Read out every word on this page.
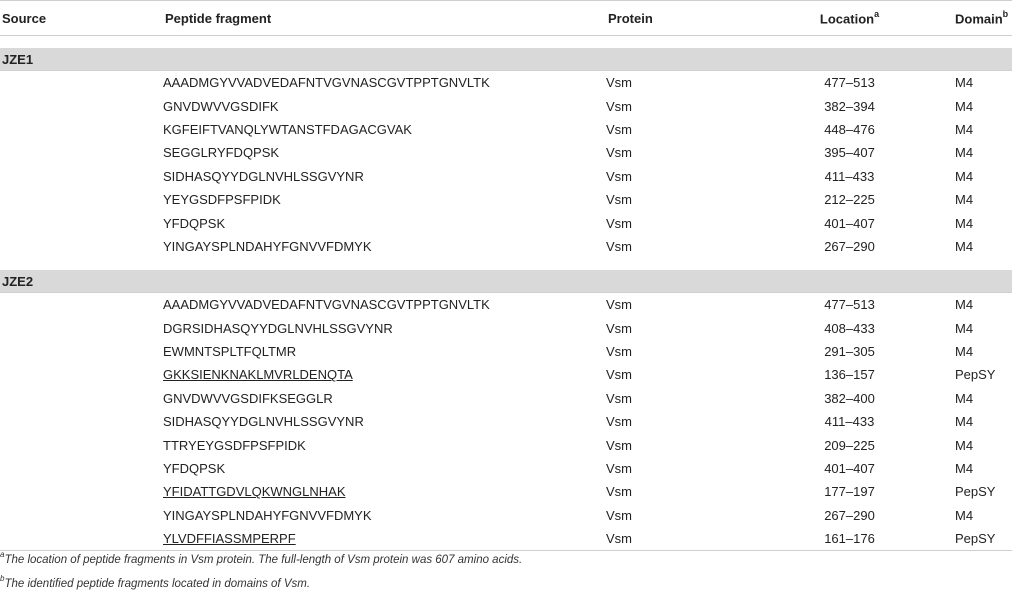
Source	Peptide fragment	Protein	Location$^a$	Domain$^b$

JZE1				
	AAADMGYVVADVEDAFNTVGVNASCGVTPPTGNVLTK	Vsm	477–513	M4
	GNVDWVVGSDIFK	Vsm	382–394	M4
	KGFEIFTVANQLYWTANSTFDAGACGVAK	Vsm	448–476	M4
	SEGGLRYFDQPSK	Vsm	395–407	M4
	SIDHASQYYDGLNVHLSSGVYNR	Vsm	411–433	M4
	YEYGSDFPSFPIDK	Vsm	212–225	M4
	YFDQPSK	Vsm	401–407	M4
	YINGAYSPLNDAHYFGNVVFDMYK	Vsm	267–290	M4

JZE2				
	AAADMGYVVADVEDAFNTVGVNASCGVTPPTGNVLTK	Vsm	477–513	M4
	DGRSIDHASQYYDGLNVHLSSGVYNR	Vsm	408–433	M4
	EWMNTSPLTFQLTMR	Vsm	291–305	M4
	GKKSIENKNAKLMVRLDENQTA	Vsm	136–157	PepSY
	GNVDWVVGSDIFKSEGGLR	Vsm	382–400	M4
	SIDHASQYYDGLNVHLSSGVYNR	Vsm	411–433	M4
	TTRYEYGSDFPSFPIDK	Vsm	209–225	M4
	YFDQPSK	Vsm	401–407	M4
	YFIDATTGDVLQKWNGLNHAK	Vsm	177–197	PepSY
	YINGAYSPLNDAHYFGNVVFDMYK	Vsm	267–290	M4
	YLVDFFIASSMPERPF	Vsm	161–176	PepSY
$^a$The location of peptide fragments in Vsm protein. The full-length of Vsm protein was 607 amino acids.
$^b$The identified peptide fragments located in domains of Vsm.
